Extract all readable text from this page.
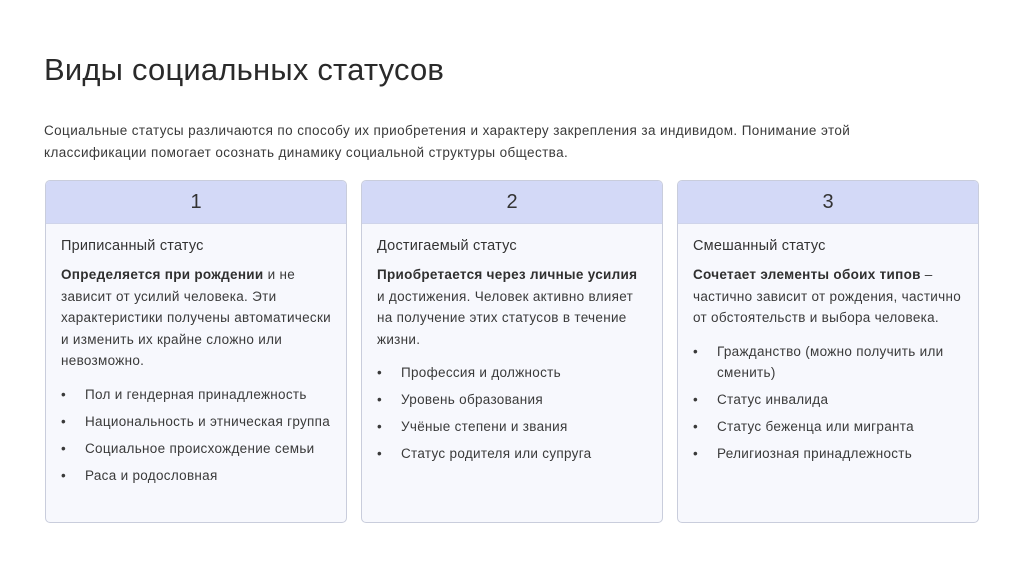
Виды социальных статусов

Социальные статусы различаются по способу их приобретения и характеру закрепления за индивидом. Понимание этой классификации помогает осознать динамику социальной структуры общества.

1
Приписанный статус

Определяется при рождении и не зависит от усилий человека. Эти характеристики получены автоматически и изменить их крайне сложно или невозможно.

• Пол и гендерная принадлежность
• Национальность и этническая группа
• Социальное происхождение семьи
• Раса и родословная
2
Достигаемый статус

Приобретается через личные усилия и достижения. Человек активно влияет на получение этих статусов в течение жизни.

• Профессия и должность
• Уровень образования
• Учёные степени и звания
• Статус родителя или супруга
3
Смешанный статус

Сочетает элементы обоих типов – частично зависит от рождения, частично от обстоятельств и выбора человека.

• Гражданство (можно получить или сменить)
• Статус инвалида
• Статус беженца или мигранта
• Религиозная принадлежность
